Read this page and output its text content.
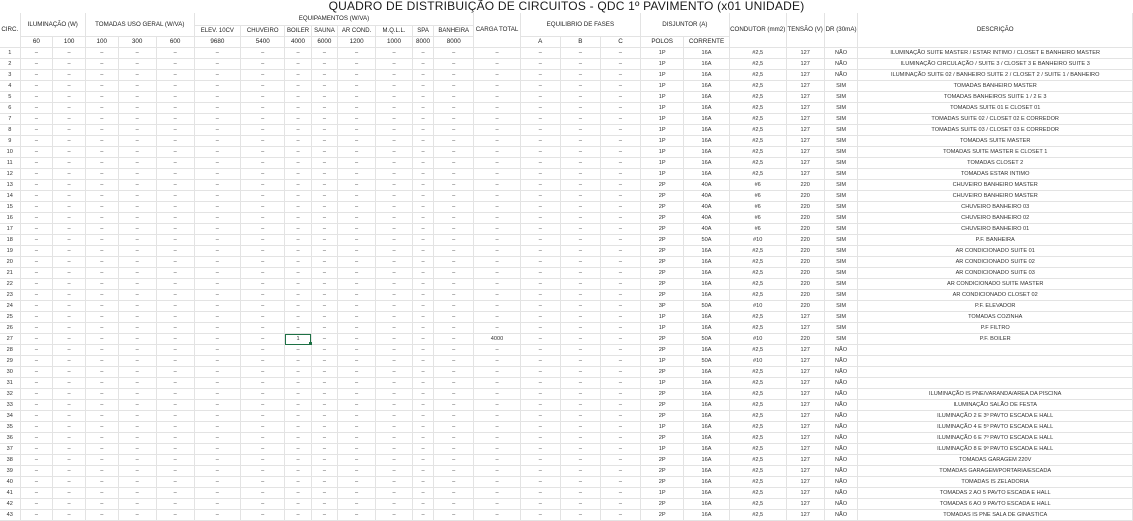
QUADRO DE DISTRIBUIÇÃO DE CIRCUITOS - QDC 1º PAVIMENTO (x01 UNIDADE)
CIRC.	ILUMINAÇÃO (W)		TOMADAS USO GERAL (W/VA)			EQUIPAMENTOS (W/VA)								CARGA TOTAL	EQUILIBRIO DE FASES			DISJUNTOR (A)		CONDUTOR (mm2)	TENSÃO (V)	DR (30mA)	DESCRIÇÃO
						ELEV. 10CV	CHUVEIRO	BOILER	SAUNA	AR COND.	M.Q.L.L.	SPA	BANHEIRA										
	60	100	100	300	600	9680	5400	4000	6000	1200	1000	8000	8000		A	B	C	POLOS	CORRENTE				
1	–	–	–	–	–	–	–	–	–	–	–	–	–	–	–	–	–	1P	16A	#2,5	127	NÃO	ILUMINAÇÃO SUITE MASTER / ESTAR INTIMO / CLOSET E BANHEIRO MASTER
2	–	–	–	–	–	–	–	–	–	–	–	–	–	–	–	–	–	1P	16A	#2,5	127	NÃO	ILUMINAÇÃO CIRCULAÇÃO / SUITE 3 / CLOSET 3 E BANHEIRO SUITE 3
3	–	–	–	–	–	–	–	–	–	–	–	–	–	–	–	–	–	1P	16A	#2,5	127	NÃO	ILUMINAÇÃO SUITE 02 / BANHEIRO SUITE 2 / CLOSET 2 / SUITE 1 / BANHEIRO
4	–	–	–	–	–	–	–	–	–	–	–	–	–	–	–	–	–	1P	16A	#2,5	127	SIM	TOMADAS BANHEIRO MASTER
5	–	–	–	–	–	–	–	–	–	–	–	–	–	–	–	–	–	1P	16A	#2,5	127	SIM	TOMADAS BANHEIROS SUITE 1 / 2 E 3
6	–	–	–	–	–	–	–	–	–	–	–	–	–	–	–	–	–	1P	16A	#2,5	127	SIM	TOMADAS SUITE 01 E CLOSET 01
7	–	–	–	–	–	–	–	–	–	–	–	–	–	–	–	–	–	1P	16A	#2,5	127	SIM	TOMADAS SUITE 02 / CLOSET 02 E CORREDOR
8	–	–	–	–	–	–	–	–	–	–	–	–	–	–	–	–	–	1P	16A	#2,5	127	SIM	TOMADAS SUITE 03 / CLOSET 03 E CORREDOR
9	–	–	–	–	–	–	–	–	–	–	–	–	–	–	–	–	–	1P	16A	#2,5	127	SIM	TOMADAS SUITE MASTER
10	–	–	–	–	–	–	–	–	–	–	–	–	–	–	–	–	–	1P	16A	#2,5	127	SIM	TOMADAS SUITE MASTER E CLOSET 1
11	–	–	–	–	–	–	–	–	–	–	–	–	–	–	–	–	–	1P	16A	#2,5	127	SIM	TOMADAS CLOSET 2
12	–	–	–	–	–	–	–	–	–	–	–	–	–	–	–	–	–	1P	16A	#2,5	127	SIM	TOMADAS ESTAR INTIMO
13	–	–	–	–	–	–	–	–	–	–	–	–	–	–	–	–	–	2P	40A	#6	220	SIM	CHUVEIRO BANHEIRO MASTER
14	–	–	–	–	–	–	–	–	–	–	–	–	–	–	–	–	–	2P	40A	#6	220	SIM	CHUVEIRO BANHEIRO MASTER
15	–	–	–	–	–	–	–	–	–	–	–	–	–	–	–	–	–	2P	40A	#6	220	SIM	CHUVEIRO BANHEIRO 03
16	–	–	–	–	–	–	–	–	–	–	–	–	–	–	–	–	–	2P	40A	#6	220	SIM	CHUVEIRO BANHEIRO 02
17	–	–	–	–	–	–	–	–	–	–	–	–	–	–	–	–	–	2P	40A	#6	220	SIM	CHUVEIRO BANHEIRO 01
18	–	–	–	–	–	–	–	–	–	–	–	–	–	–	–	–	–	2P	50A	#10	220	SIM	P.F. BANHEIRA
19	–	–	–	–	–	–	–	–	–	–	–	–	–	–	–	–	–	2P	16A	#2,5	220	SIM	AR CONDICIONADO SUITE 01
20	–	–	–	–	–	–	–	–	–	–	–	–	–	–	–	–	–	2P	16A	#2,5	220	SIM	AR CONDICIONADO SUITE 02
21	–	–	–	–	–	–	–	–	–	–	–	–	–	–	–	–	–	2P	16A	#2,5	220	SIM	AR CONDICIONADO SUITE 03
22	–	–	–	–	–	–	–	–	–	–	–	–	–	–	–	–	–	2P	16A	#2,5	220	SIM	AR CONDICIONADO SUITE MASTER
23	–	–	–	–	–	–	–	–	–	–	–	–	–	–	–	–	–	2P	16A	#2,5	220	SIM	AR CONDICIONADO CLOSET 02
24	–	–	–	–	–	–	–	–	–	–	–	–	–	–	–	–	–	3P	50A	#10	220	SIM	P.F. ELEVADOR
25	–	–	–	–	–	–	–	–	–	–	–	–	–	–	–	–	–	1P	16A	#2,5	127	SIM	TOMADAS COZINHA
26	–	–	–	–	–	–	–	–	–	–	–	–	–	–	–	–	–	1P	16A	#2,5	127	SIM	P.F FILTRO
27	–	–	–	–	–	–	–	1	–	–	–	–	–	4000	–	–	–	2P	50A	#10	220	SIM	P.F. BOILER
28	–	–	–	–	–	–	–	–	–	–	–	–	–	–	–	–	–	2P	16A	#2,5	127	NÃO	
29	–	–	–	–	–	–	–	–	–	–	–	–	–	–	–	–	–	1P	50A	#10	127	NÃO	
30	–	–	–	–	–	–	–	–	–	–	–	–	–	–	–	–	–	2P	16A	#2,5	127	NÃO	
31	–	–	–	–	–	–	–	–	–	–	–	–	–	–	–	–	–	1P	16A	#2,5	127	NÃO	
32	–	–	–	–	–	–	–	–	–	–	–	–	–	–	–	–	–	2P	16A	#2,5	127	NÃO	ILUMINAÇÃO IS PNE/VARANDA/AREA DA PISCINA
33	–	–	–	–	–	–	–	–	–	–	–	–	–	–	–	–	–	2P	16A	#2,5	127	NÃO	ILUMINAÇÃO SALÃO DE FESTA
34	–	–	–	–	–	–	–	–	–	–	–	–	–	–	–	–	–	2P	16A	#2,5	127	NÃO	ILUMINAÇÃO 2 E 3º PAVTO ESCADA E HALL
35	–	–	–	–	–	–	–	–	–	–	–	–	–	–	–	–	–	1P	16A	#2,5	127	NÃO	ILUMINAÇÃO 4 E 5º PAVTO ESCADA E HALL
36	–	–	–	–	–	–	–	–	–	–	–	–	–	–	–	–	–	2P	16A	#2,5	127	NÃO	ILUMINAÇÃO 6 E 7º PAVTO ESCADA E HALL
37	–	–	–	–	–	–	–	–	–	–	–	–	–	–	–	–	–	1P	16A	#2,5	127	NÃO	ILUMINAÇÃO 8 E 9º PAVTO ESCADA E HALL
38	–	–	–	–	–	–	–	–	–	–	–	–	–	–	–	–	–	2P	16A	#2,5	127	NÃO	TOMADAS GARAGEM 220V
39	–	–	–	–	–	–	–	–	–	–	–	–	–	–	–	–	–	2P	16A	#2,5	127	NÃO	TOMADAS GARAGEM/PORTARIA/ESCADA
40	–	–	–	–	–	–	–	–	–	–	–	–	–	–	–	–	–	2P	16A	#2,5	127	NÃO	TOMADAS IS ZELADORIA
41	–	–	–	–	–	–	–	–	–	–	–	–	–	–	–	–	–	1P	16A	#2,5	127	NÃO	TOMADAS 2 AO 5 PAVTO ESCADA E HALL
42	–	–	–	–	–	–	–	–	–	–	–	–	–	–	–	–	–	2P	16A	#2,5	127	NÃO	TOMADAS 6 AO 9 PAVTO ESCADA E HALL
43	–	–	–	–	–	–	–	–	–	–	–	–	–	–	–	–	–	2P	16A	#2,5	127	NÃO	TOMADAS IS PNE SALA DE GINASTICA
